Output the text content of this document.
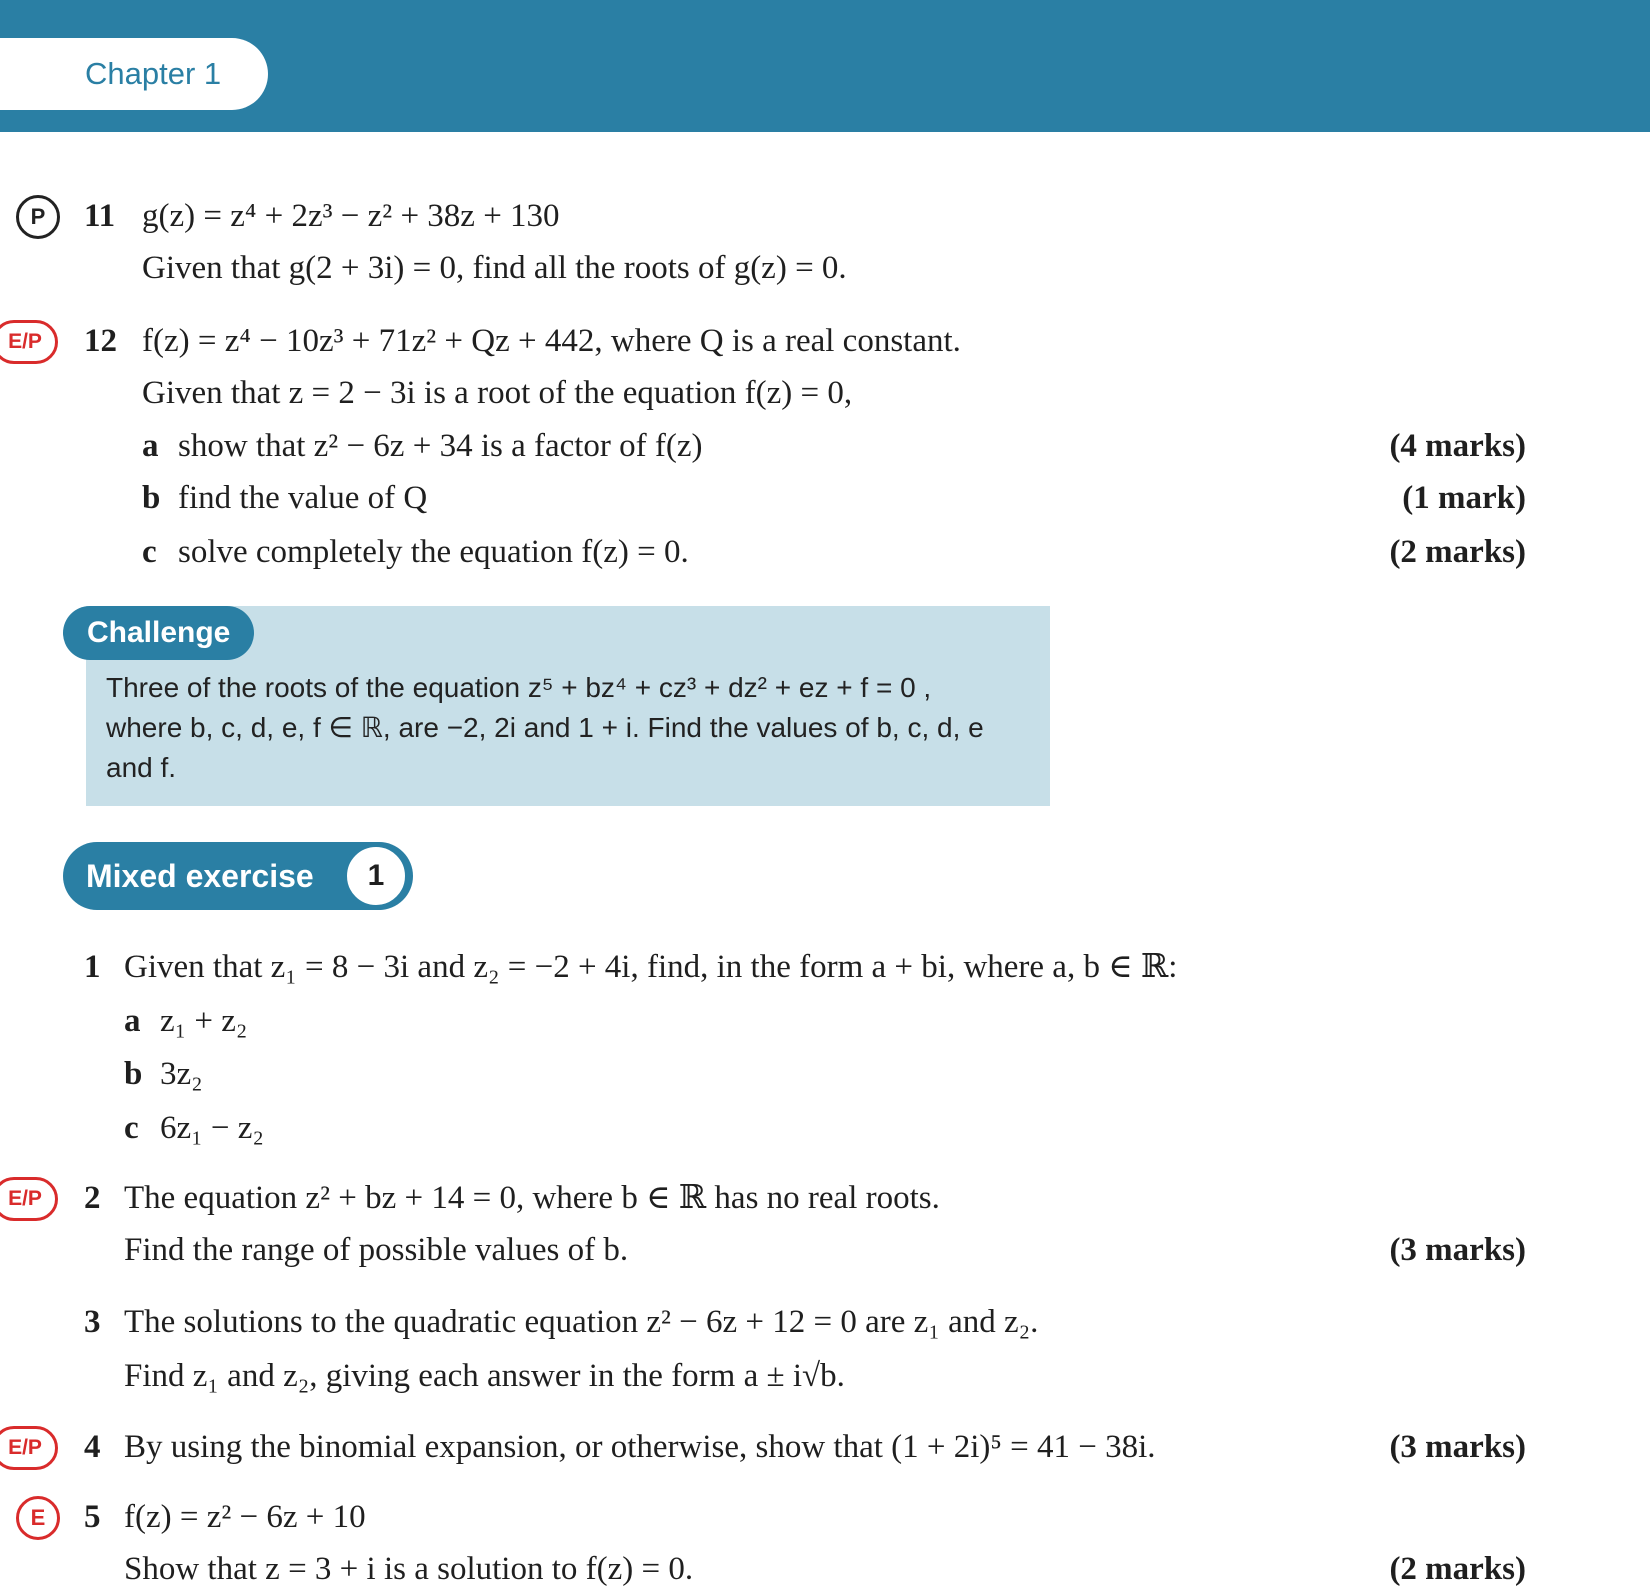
Chapter 1
P	11 g(z) = z⁴ + 2z³ − z² + 38z + 130
Given that g(2 + 3i) = 0, find all the roots of g(z) = 0.
E/P	12 f(z) = z⁴ − 10z³ + 71z² + Qz + 442, where Q is a real constant.
Given that z = 2 − 3i is a root of the equation f(z) = 0,
a show that z² − 6z + 34 is a factor of f(z)	(4 marks)
b find the value of Q	(1 mark)
c solve completely the equation f(z) = 0.	(2 marks)
Challenge
Three of the roots of the equation z⁵ + bz⁴ + cz³ + dz² + ez + f = 0 ,
where b, c, d, e, f ∈ ℝ, are −2, 2i and 1 + i. Find the values of b, c, d, e
and f.
Mixed exercise	1
1 Given that z₁ = 8 − 3i and z₂ = −2 + 4i, find, in the form a + bi, where a, b ∈ ℝ:
a z₁ + z₂
b 3z₂
c 6z₁ − z₂
E/P	2 The equation z² + bz + 14 = 0, where b ∈ ℝ has no real roots.
Find the range of possible values of b.	(3 marks)
3 The solutions to the quadratic equation z² − 6z + 12 = 0 are z₁ and z₂.
Find z₁ and z₂, giving each answer in the form a ± i√b.
E/P	4 By using the binomial expansion, or otherwise, show that (1 + 2i)⁵ = 41 − 38i.	(3 marks)
E	5 f(z) = z² − 6z + 10
Show that z = 3 + i is a solution to f(z) = 0.	(2 marks)
